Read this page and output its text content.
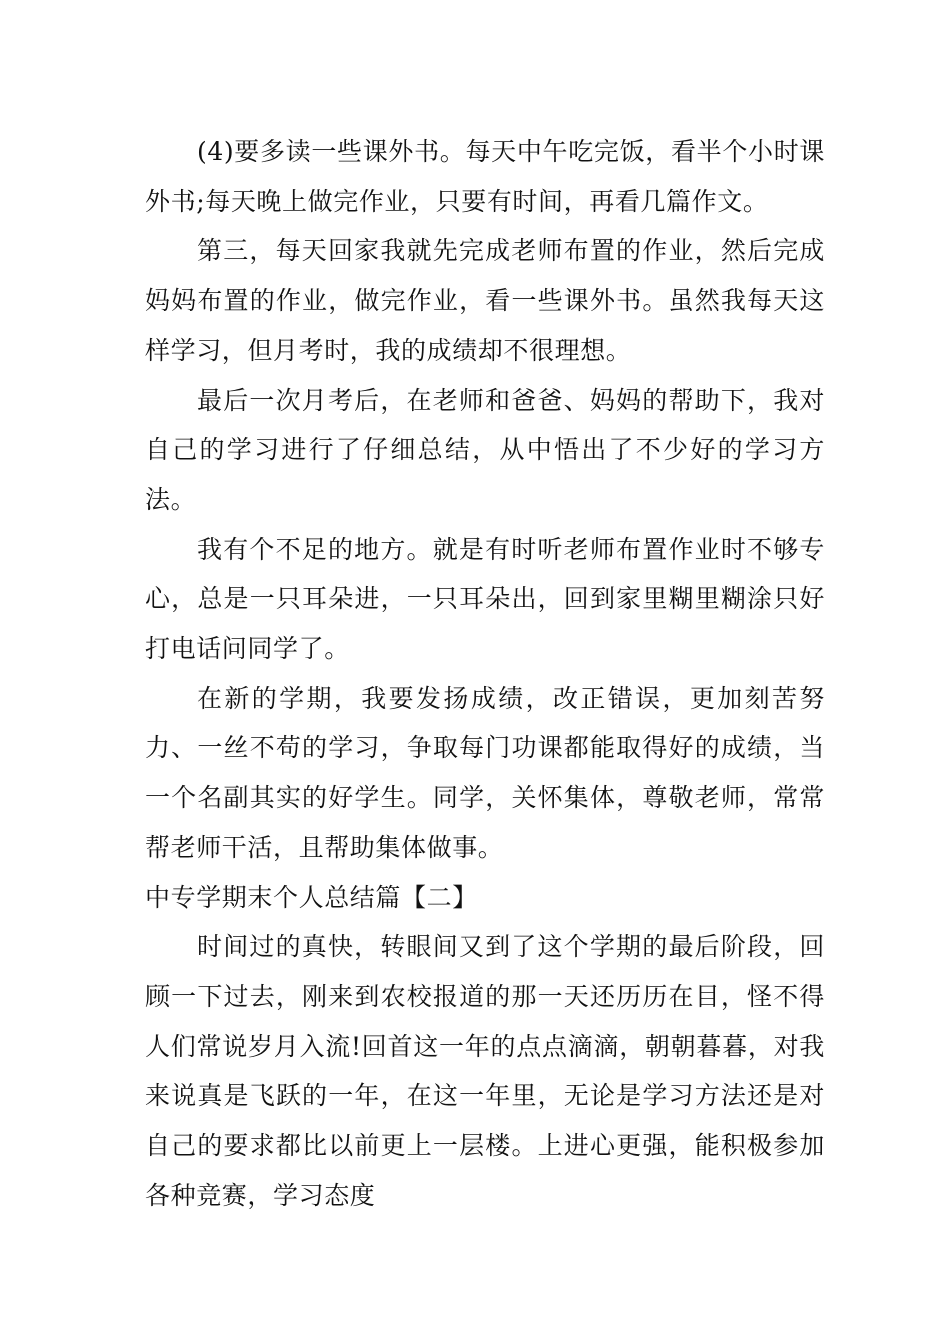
(4)要多读一些课外书。每天中午吃完饭，看半个小时课外书;每天晚上做完作业，只要有时间，再看几篇作文。

第三，每天回家我就先完成老师布置的作业，然后完成妈妈布置的作业，做完作业，看一些课外书。虽然我每天这样学习，但月考时，我的成绩却不很理想。

最后一次月考后，在老师和爸爸、妈妈的帮助下，我对自己的学习进行了仔细总结，从中悟出了不少好的学习方法。

我有个不足的地方。就是有时听老师布置作业时不够专心，总是一只耳朵进，一只耳朵出，回到家里糊里糊涂只好打电话问同学了。

在新的学期，我要发扬成绩，改正错误，更加刻苦努力、一丝不苟的学习，争取每门功课都能取得好的成绩，当一个名副其实的好学生。同学，关怀集体，尊敬老师，常常帮老师干活，且帮助集体做事。

中专学期末个人总结篇【二】

时间过的真快，转眼间又到了这个学期的最后阶段，回顾一下过去，刚来到农校报道的那一天还历历在目，怪不得人们常说岁月入流!回首这一年的点点滴滴，朝朝暮暮，对我来说真是飞跃的一年，在这一年里，无论是学习方法还是对自己的要求都比以前更上一层楼。上进心更强，能积极参加各种竞赛，学习态度
